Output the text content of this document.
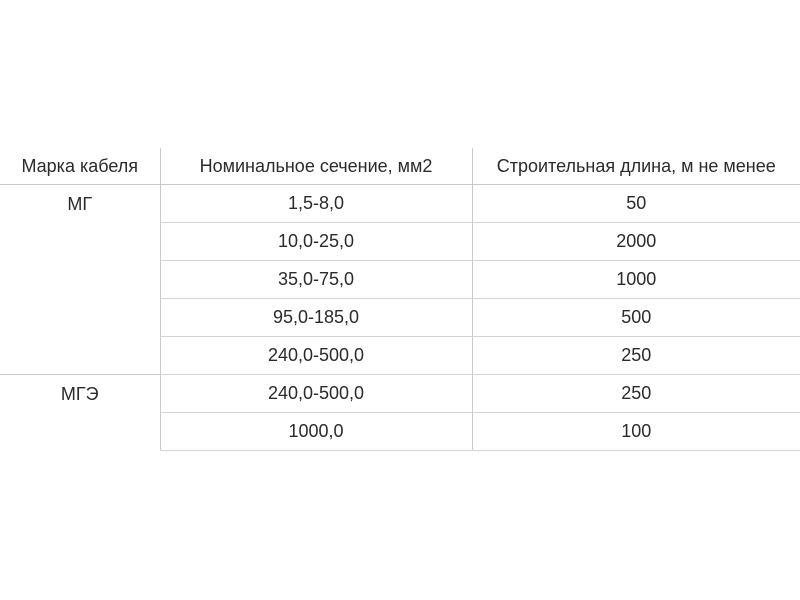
Марка кабеля	Номинальное сечение, мм2	Строительная длина, м не менее
МГ	1,5-8,0	50
	10,0-25,0	2000
	35,0-75,0	1000
	95,0-185,0	500
	240,0-500,0	250
МГЭ	240,0-500,0	250
	1000,0	100
